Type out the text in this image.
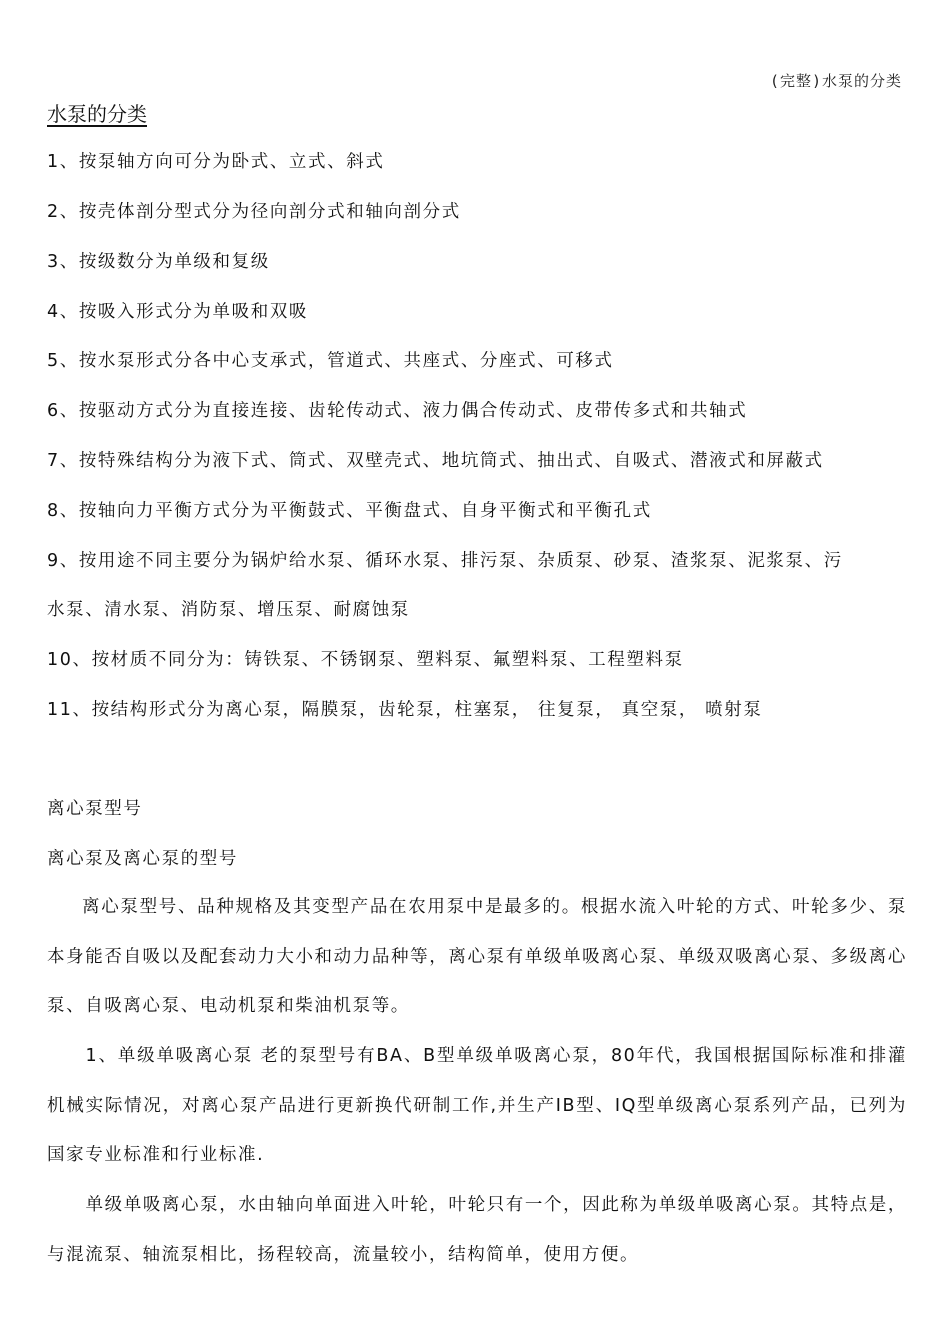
(完整)水泵的分类
水泵的分类
1、按泵轴方向可分为卧式、立式、斜式
2、按壳体剖分型式分为径向剖分式和轴向剖分式
3、按级数分为单级和复级
4、按吸入形式分为单吸和双吸
5、按水泵形式分各中心支承式，管道式、共座式、分座式、可移式
6、按驱动方式分为直接连接、齿轮传动式、液力偶合传动式、皮带传多式和共轴式
7、按特殊结构分为液下式、筒式、双壁壳式、地坑筒式、抽出式、自吸式、潜液式和屏蔽式
8、按轴向力平衡方式分为平衡鼓式、平衡盘式、自身平衡式和平衡孔式
9、按用途不同主要分为锅炉给水泵、循环水泵、排污泵、杂质泵、砂泵、渣浆泵、泥浆泵、污
水泵、清水泵、消防泵、增压泵、耐腐蚀泵
10、按材质不同分为：铸铁泵、不锈钢泵、塑料泵、氟塑料泵、工程塑料泵
11、按结构形式分为离心泵，隔膜泵，齿轮泵，柱塞泵， 往复泵， 真空泵， 喷射泵
离心泵型号
离心泵及离心泵的型号
离心泵型号、品种规格及其变型产品在农用泵中是最多的。根据水流入叶轮的方式、叶轮多少、泵本身能否自吸以及配套动力大小和动力品种等，离心泵有单级单吸离心泵、单级双吸离心泵、多级离心泵、自吸离心泵、电动机泵和柴油机泵等。
1、单级单吸离心泵 老的泵型号有BA、B型单级单吸离心泵，80年代，我国根据国际标准和排灌机械实际情况，对离心泵产品进行更新换代研制工作,并生产IB型、IQ型单级离心泵系列产品，已列为国家专业标准和行业标准.
单级单吸离心泵，水由轴向单面进入叶轮，叶轮只有一个，因此称为单级单吸离心泵。其特点是，与混流泵、轴流泵相比，扬程较高，流量较小，结构简单，使用方便。
